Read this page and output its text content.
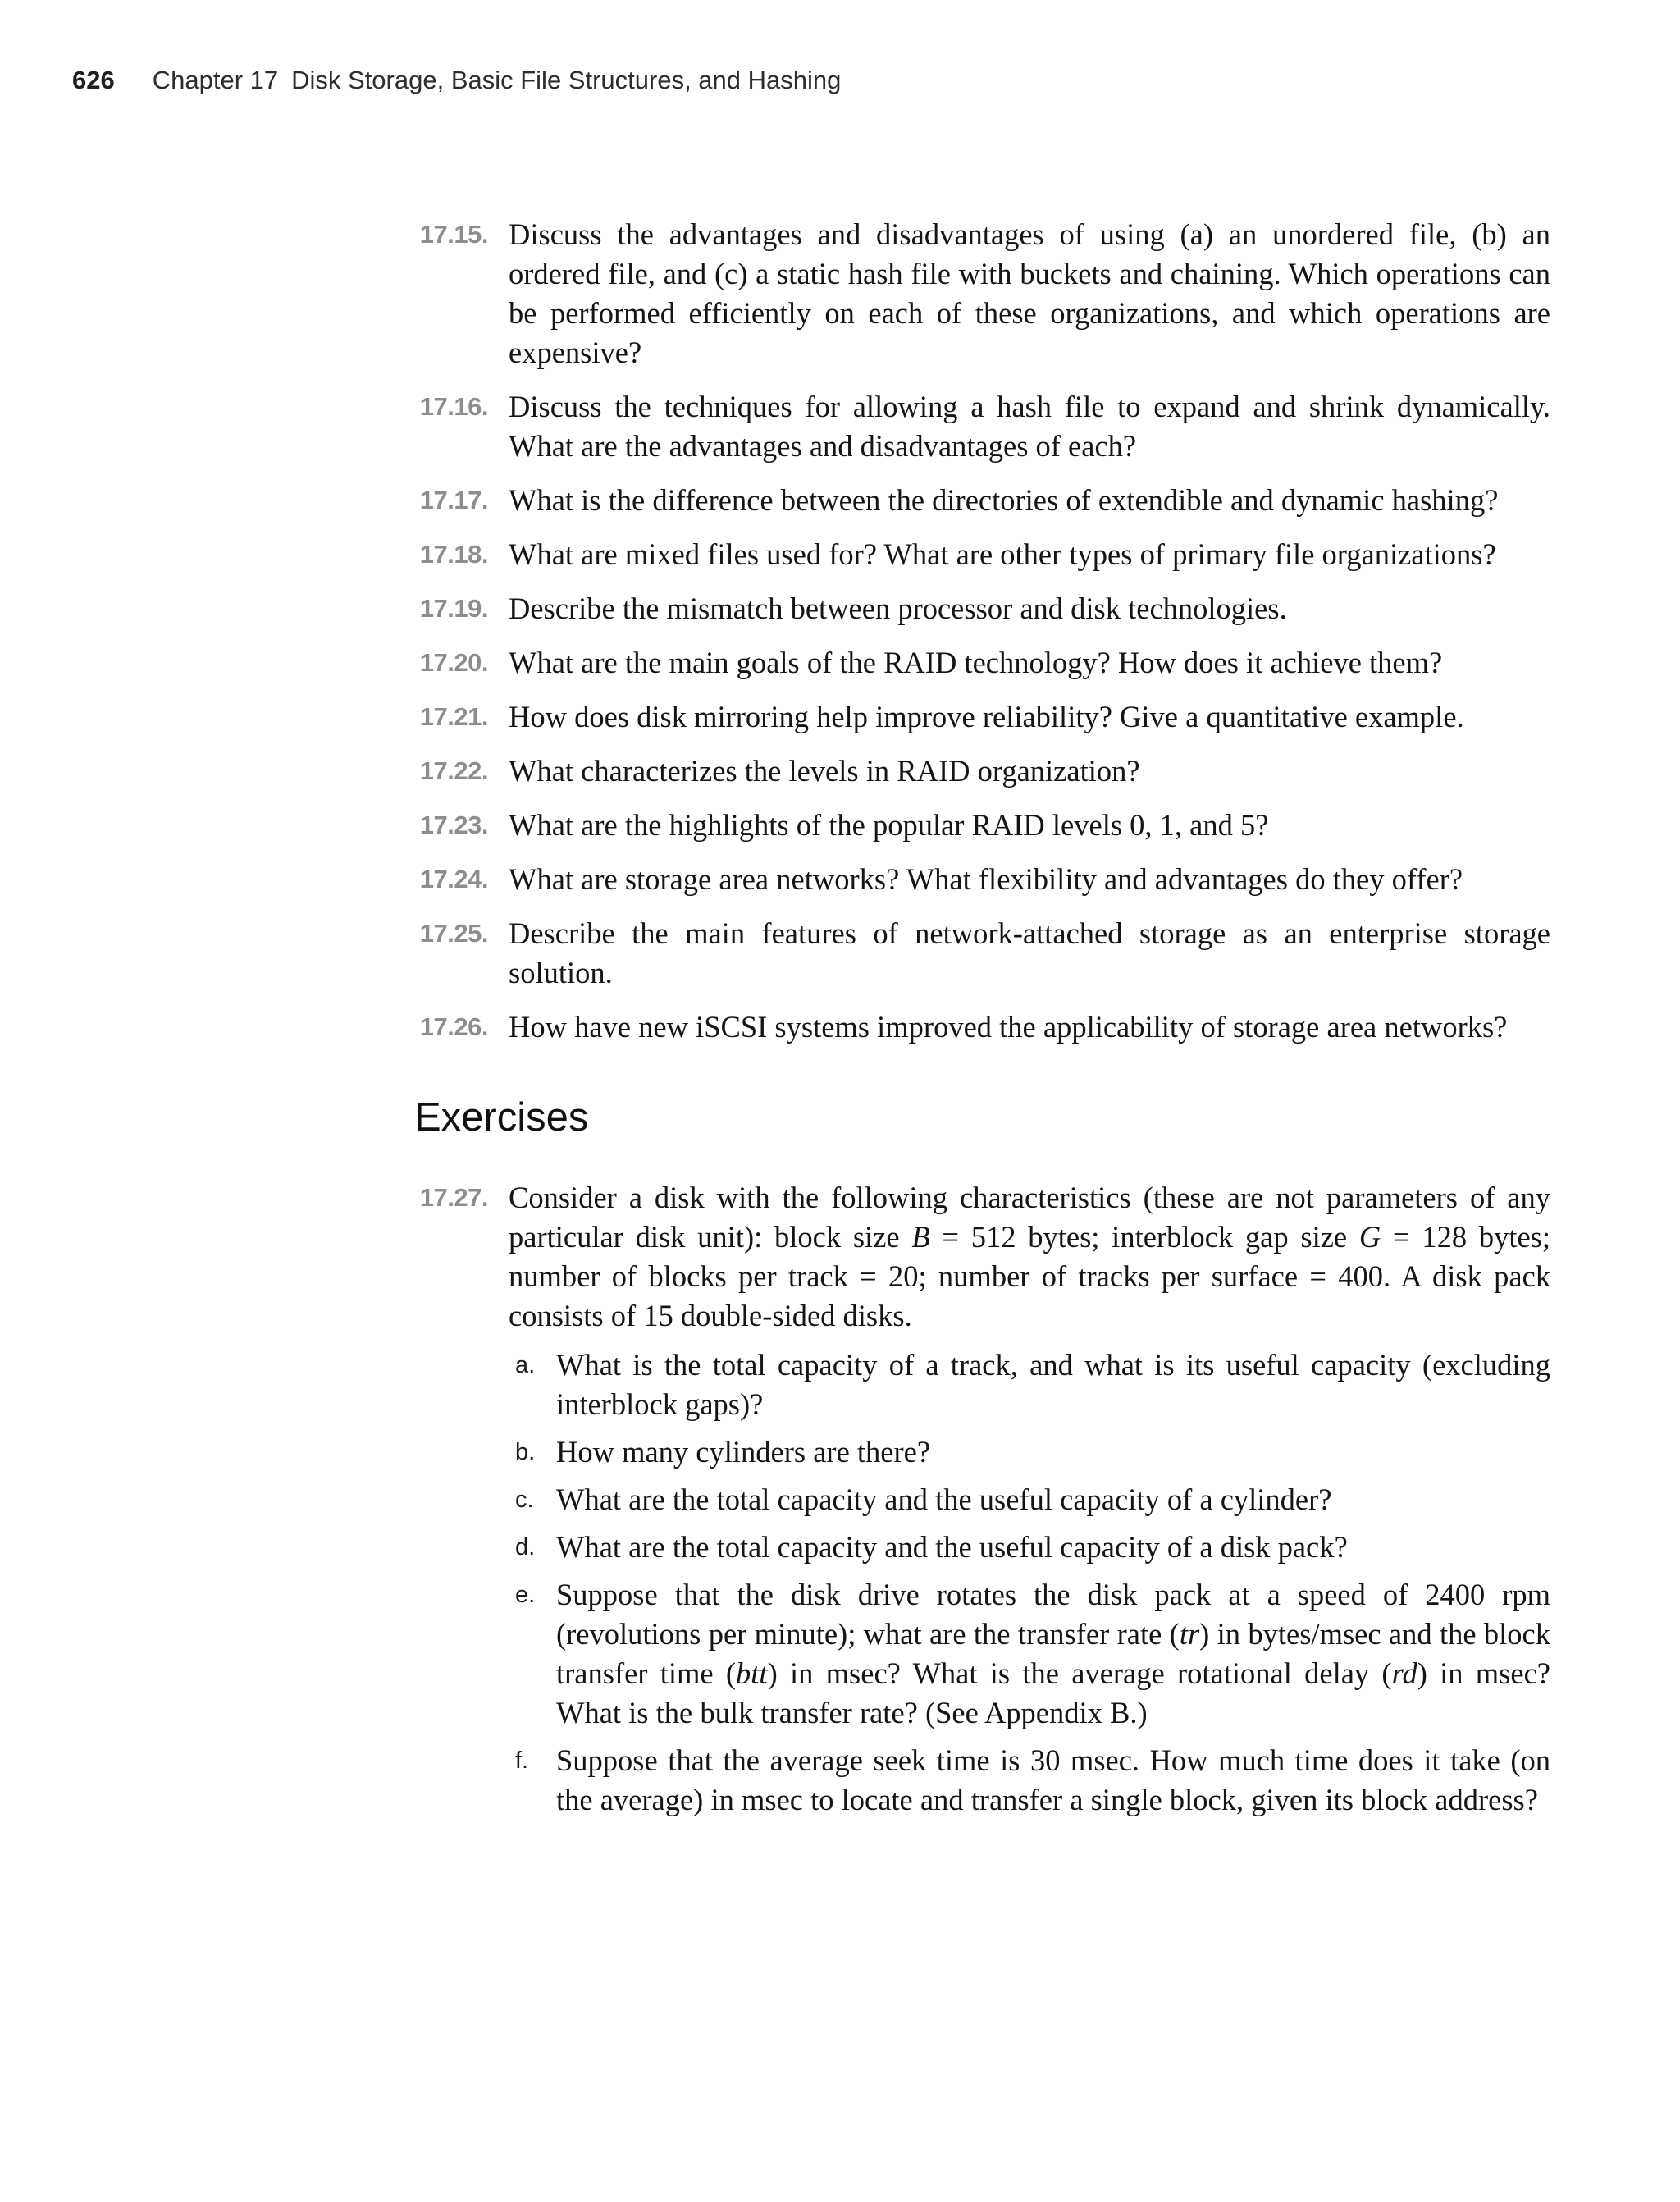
626 Chapter 17 Disk Storage, Basic File Structures, and Hashing
17.15. Discuss the advantages and disadvantages of using (a) an unordered file, (b) an ordered file, and (c) a static hash file with buckets and chaining. Which operations can be performed efficiently on each of these organizations, and which operations are expensive?
17.16. Discuss the techniques for allowing a hash file to expand and shrink dynamically. What are the advantages and disadvantages of each?
17.17. What is the difference between the directories of extendible and dynamic hashing?
17.18. What are mixed files used for? What are other types of primary file organizations?
17.19. Describe the mismatch between processor and disk technologies.
17.20. What are the main goals of the RAID technology? How does it achieve them?
17.21. How does disk mirroring help improve reliability? Give a quantitative example.
17.22. What characterizes the levels in RAID organization?
17.23. What are the highlights of the popular RAID levels 0, 1, and 5?
17.24. What are storage area networks? What flexibility and advantages do they offer?
17.25. Describe the main features of network-attached storage as an enterprise storage solution.
17.26. How have new iSCSI systems improved the applicability of storage area networks?
Exercises
17.27. Consider a disk with the following characteristics (these are not parameters of any particular disk unit): block size B = 512 bytes; interblock gap size G = 128 bytes; number of blocks per track = 20; number of tracks per surface = 400. A disk pack consists of 15 double-sided disks.
a. What is the total capacity of a track, and what is its useful capacity (excluding interblock gaps)?
b. How many cylinders are there?
c. What are the total capacity and the useful capacity of a cylinder?
d. What are the total capacity and the useful capacity of a disk pack?
e. Suppose that the disk drive rotates the disk pack at a speed of 2400 rpm (revolutions per minute); what are the transfer rate (tr) in bytes/msec and the block transfer time (btt) in msec? What is the average rotational delay (rd) in msec? What is the bulk transfer rate? (See Appendix B.)
f. Suppose that the average seek time is 30 msec. How much time does it take (on the average) in msec to locate and transfer a single block, given its block address?
